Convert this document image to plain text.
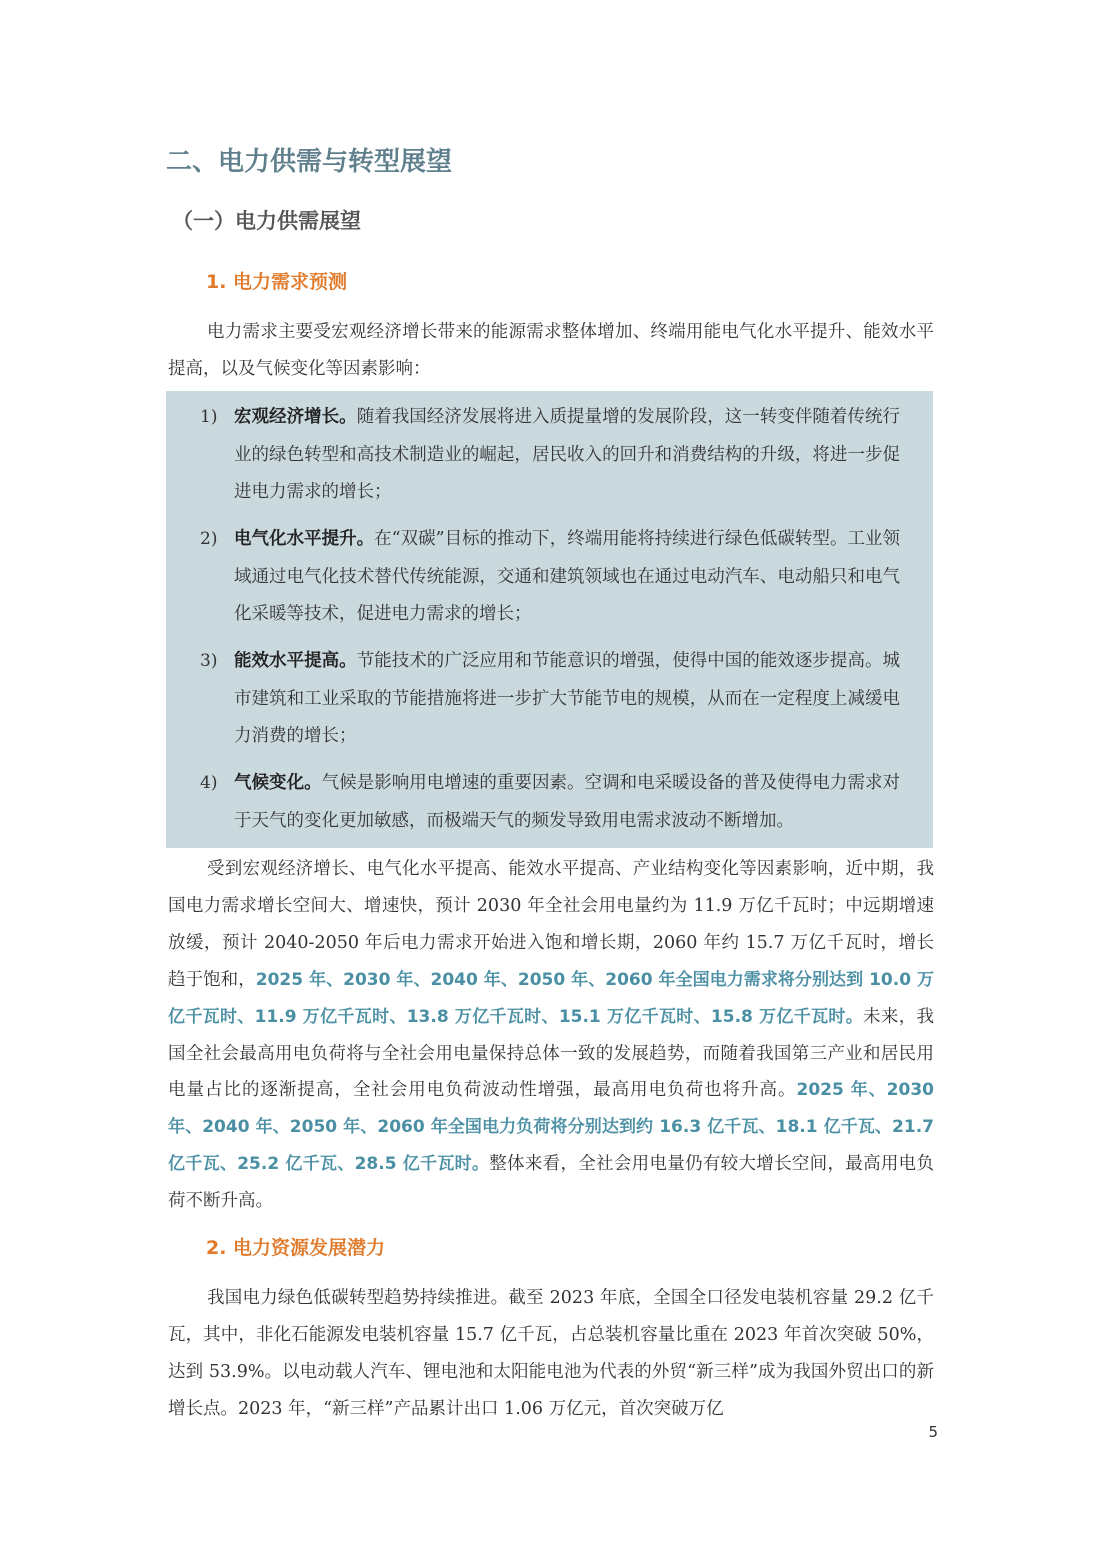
二、电力供需与转型展望
（一）电力供需展望
1. 电力需求预测

电力需求主要受宏观经济增长带来的能源需求整体增加、终端用能电气化水平提升、能效水平提高，以及气候变化等因素影响：

1) 宏观经济增长。随着我国经济发展将进入质提量增的发展阶段，这一转变伴随着传统行业的绿色转型和高技术制造业的崛起，居民收入的回升和消费结构的升级，将进一步促进电力需求的增长；

2) 电气化水平提升。在“双碳”目标的推动下，终端用能将持续进行绿色低碳转型。工业领域通过电气化技术替代传统能源，交通和建筑领域也在通过电动汽车、电动船只和电气化采暖等技术，促进电力需求的增长；

3) 能效水平提高。节能技术的广泛应用和节能意识的增强，使得中国的能效逐步提高。城市建筑和工业采取的节能措施将进一步扩大节能节电的规模，从而在一定程度上减缓电力消费的增长；

4) 气候变化。气候是影响用电增速的重要因素。空调和电采暖设备的普及使得电力需求对于天气的变化更加敏感，而极端天气的频发导致用电需求波动不断增加。

受到宏观经济增长、电气化水平提高、能效水平提高、产业结构变化等因素影响，近中期，我国电力需求增长空间大、增速快，预计 2030 年全社会用电量约为 11.9 万亿千瓦时；中远期增速放缓，预计 2040-2050 年后电力需求开始进入饱和增长期，2060 年约 15.7 万亿千瓦时，增长趋于饱和，2025 年、2030 年、2040 年、2050 年、2060 年全国电力需求将分别达到 10.0 万亿千瓦时、11.9 万亿千瓦时、13.8 万亿千瓦时、15.1 万亿千瓦时、15.8 万亿千瓦时。未来，我国全社会最高用电负荷将与全社会用电量保持总体一致的发展趋势，而随着我国第三产业和居民用电量占比的逐渐提高，全社会用电负荷波动性增强，最高用电负荷也将升高。2025 年、2030 年、2040 年、2050 年、2060 年全国电力负荷将分别达到约 16.3 亿千瓦、18.1 亿千瓦、21.7 亿千瓦、25.2 亿千瓦、28.5 亿千瓦时。整体来看，全社会用电量仍有较大增长空间，最高用电负荷不断升高。

2. 电力资源发展潜力

我国电力绿色低碳转型趋势持续推进。截至 2023 年底，全国全口径发电装机容量 29.2 亿千瓦，其中，非化石能源发电装机容量 15.7 亿千瓦，占总装机容量比重在 2023 年首次突破 50%，达到 53.9%。以电动载人汽车、锂电池和太阳能电池为代表的外贸“新三样”成为我国外贸出口的新增长点。2023 年，“新三样”产品累计出口 1.06 万亿元，首次突破万亿

5
